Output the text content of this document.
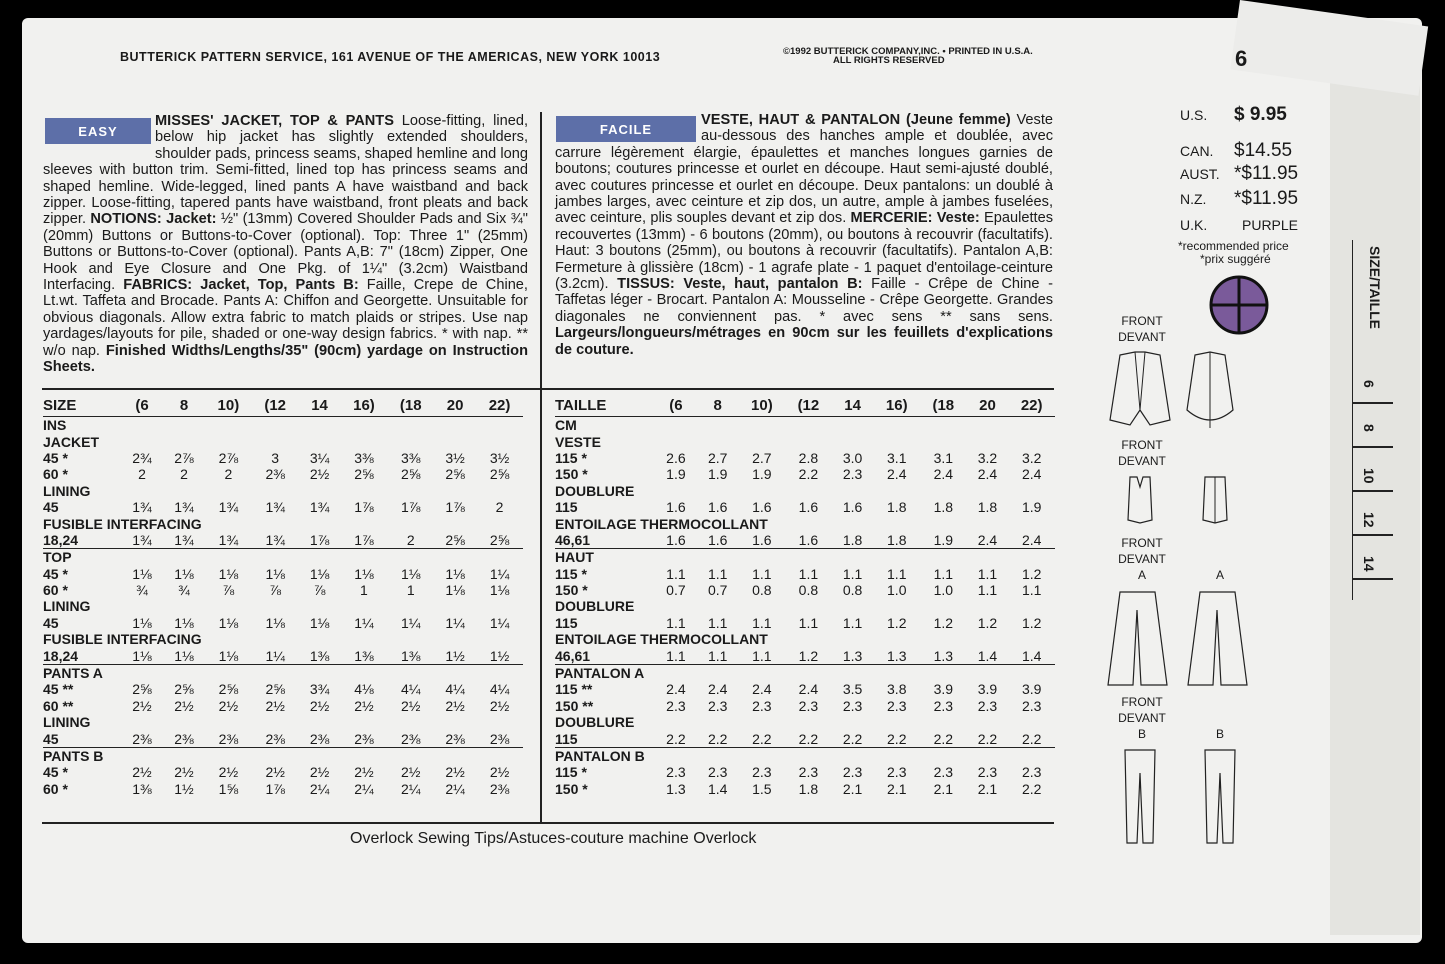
BUTTERICK PATTERN SERVICE, 161 AVENUE OF THE AMERICAS, NEW YORK 10013	©1992 BUTTERICK COMPANY,INC. • PRINTED IN U.S.A.
ALL RIGHTS RESERVED	6
EASY
MISSES' JACKET, TOP & PANTS Loose-fitting, lined, below hip jacket has slightly extended shoulders, shoulder pads, princess seams, shaped hemline and long sleeves with button trim. Semi-fitted, lined top has princess seams and shaped hemline. Wide-legged, lined pants A have waistband and back zipper. Loose-fitting, tapered pants have waistband, front pleats and back zipper. NOTIONS: Jacket: ½" (13mm) Covered Shoulder Pads and Six ¾" (20mm) Buttons or Buttons-to-Cover (optional). Top: Three 1" (25mm) Buttons or Buttons-to-Cover (optional). Pants A,B: 7" (18cm) Zipper, One Hook and Eye Closure and One Pkg. of 1¼" (3.2cm) Waistband Interfacing. FABRICS: Jacket, Top, Pants B: Faille, Crepe de Chine, Lt.wt. Taffeta and Brocade. Pants A: Chiffon and Georgette. Unsuitable for obvious diagonals. Allow extra fabric to match plaids or stripes. Use nap yardages/layouts for pile, shaded or one-way design fabrics. * with nap. ** w/o nap. Finished Widths/Lengths/35" (90cm) yardage on Instruction Sheets.
FACILE
VESTE, HAUT & PANTALON (Jeune femme) Veste au-dessous des hanches ample et doublée, avec carrure légèrement élargie, épaulettes et manches longues garnies de boutons; coutures princesse et ourlet en découpe. Haut semi-ajusté doublé, avec coutures princesse et ourlet en découpe. Deux pantalons: un doublé à jambes larges, avec ceinture et zip dos, un autre, ample à jambes fuselées, avec ceinture, plis souples devant et zip dos. MERCERIE: Veste: Epaulettes recouvertes (13mm) - 6 boutons (20mm), ou boutons à recouvrir (facultatifs). Haut: 3 boutons (25mm), ou boutons à recouvrir (facultatifs). Pantalon A,B: Fermeture à glissière (18cm) - 1 agrafe plate - 1 paquet d'entoilage-ceinture (3.2cm). TISSUS: Veste, haut, pantalon B: Faille - Crêpe de Chine - Taffetas léger - Brocart. Pantalon A: Mousseline - Crêpe Georgette. Grandes diagonales ne conviennent pas. * avec sens ** sans sens. Largeurs/longueurs/métrages en 90cm sur les feuillets d'explications de couture.
SIZE	(6	8	10)	(12	14	16)	(18	20	22)
INS									
JACKET									
45 *	2¾	2⅞	2⅞	3	3¼	3⅜	3⅜	3½	3½
60 *	2	2	2	2⅜	2½	2⅝	2⅝	2⅝	2⅝
LINING									
45	1¾	1¾	1¾	1¾	1¾	1⅞	1⅞	1⅞	2
FUSIBLE INTERFACING									
18,24	1¾	1¾	1¾	1¾	1⅞	1⅞	2	2⅝	2⅝
TOP									
45 *	1⅛	1⅛	1⅛	1⅛	1⅛	1⅛	1⅛	1⅛	1¼
60 *	¾	¾	⅞	⅞	⅞	1	1	1⅛	1⅛
LINING									
45	1⅛	1⅛	1⅛	1⅛	1⅛	1¼	1¼	1¼	1¼
FUSIBLE INTERFACING									
18,24	1⅛	1⅛	1⅛	1¼	1⅜	1⅜	1⅜	1½	1½
PANTS A									
45 **	2⅝	2⅝	2⅝	2⅝	3¾	4⅛	4¼	4¼	4¼
60 **	2½	2½	2½	2½	2½	2½	2½	2½	2½
LINING									
45	2⅜	2⅜	2⅜	2⅜	2⅜	2⅜	2⅜	2⅜	2⅜
PANTS B									
45 *	2½	2½	2½	2½	2½	2½	2½	2½	2½
60 *	1⅜	1½	1⅝	1⅞	2¼	2¼	2¼	2¼	2⅜
TAILLE	(6	8	10)	(12	14	16)	(18	20	22)
CM									
VESTE									
115 *	2.6	2.7	2.7	2.8	3.0	3.1	3.1	3.2	3.2
150 *	1.9	1.9	1.9	2.2	2.3	2.4	2.4	2.4	2.4
DOUBLURE									
115	1.6	1.6	1.6	1.6	1.6	1.8	1.8	1.8	1.9
ENTOILAGE THERMOCOLLANT									
46,61	1.6	1.6	1.6	1.6	1.8	1.8	1.9	2.4	2.4
HAUT									
115 *	1.1	1.1	1.1	1.1	1.1	1.1	1.1	1.1	1.2
150 *	0.7	0.7	0.8	0.8	0.8	1.0	1.0	1.1	1.1
DOUBLURE									
115	1.1	1.1	1.1	1.1	1.1	1.2	1.2	1.2	1.2
ENTOILAGE THERMOCOLLANT									
46,61	1.1	1.1	1.1	1.2	1.3	1.3	1.3	1.4	1.4
PANTALON A									
115 **	2.4	2.4	2.4	2.4	3.5	3.8	3.9	3.9	3.9
150 **	2.3	2.3	2.3	2.3	2.3	2.3	2.3	2.3	2.3
DOUBLURE									
115	2.2	2.2	2.2	2.2	2.2	2.2	2.2	2.2	2.2
PANTALON B									
115 *	2.3	2.3	2.3	2.3	2.3	2.3	2.3	2.3	2.3
150 *	1.3	1.4	1.5	1.8	2.1	2.1	2.1	2.1	2.2
Overlock Sewing Tips/Astuces-couture machine Overlock
U.S. $ 9.95
CAN. $14.55
AUST. *$11.95
N.Z. *$11.95
U.K. PURPLE
*recommended price
*prix suggéré	SIZE/TAILLE
6
8
10
12
14
FRONT
DEVANT
FRONT
DEVANT
FRONT
DEVANT
A	A
FRONT
DEVANT
B	B
